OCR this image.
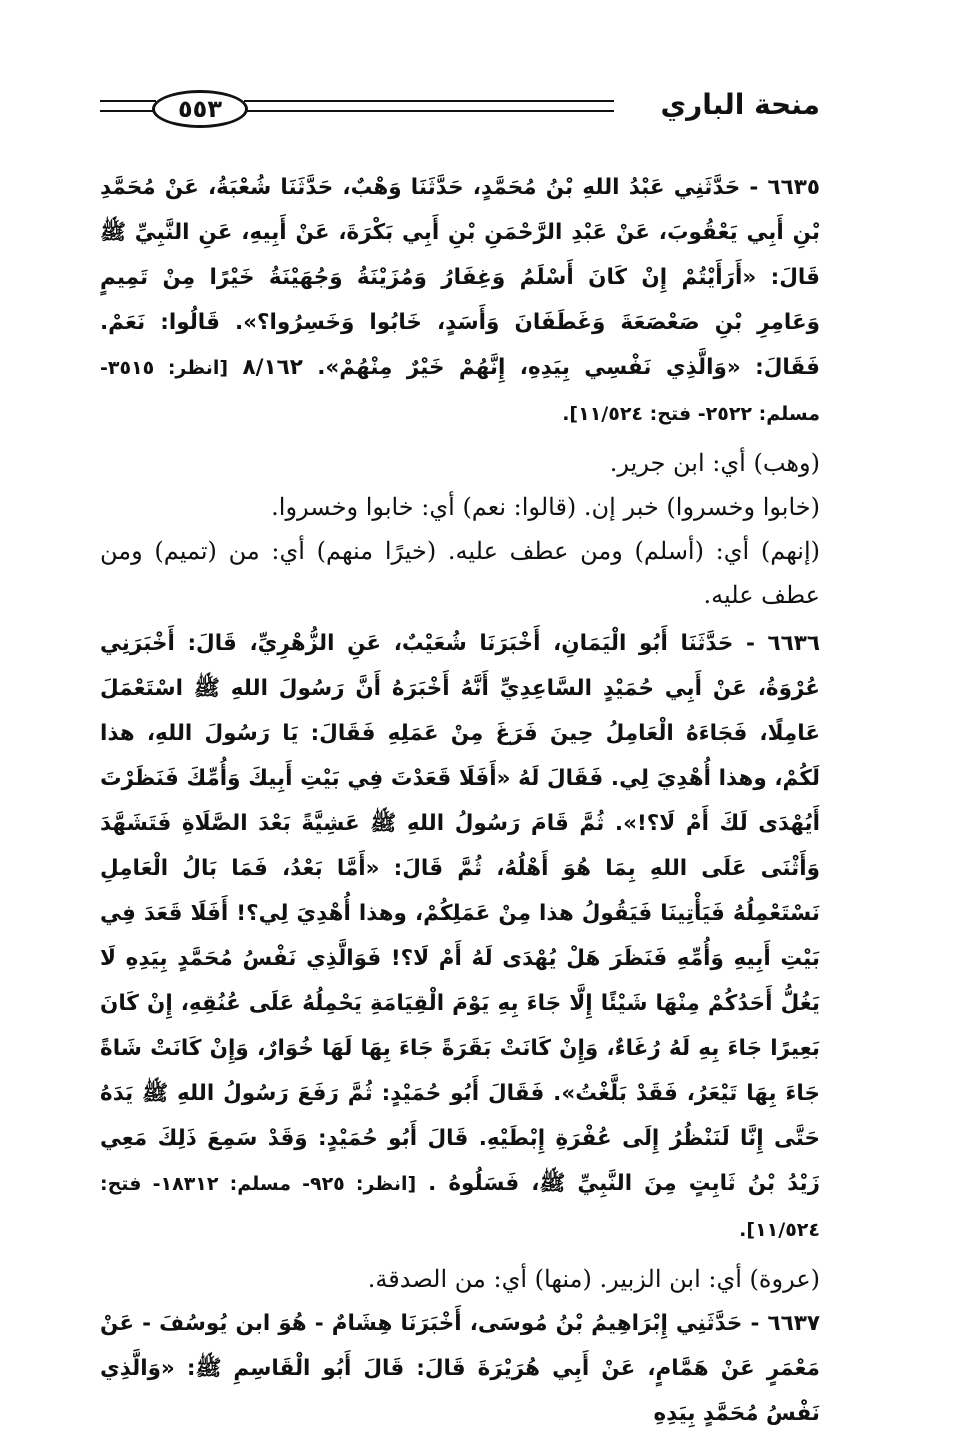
٥٥٣	منحة الباري

٦٦٣٥ - حَدَّثَنِي عَبْدُ اللهِ بْنُ مُحَمَّدٍ، حَدَّثَنَا وَهْبٌ، حَدَّثَنَا شُعْبَةُ، عَنْ مُحَمَّدِ بْنِ أَبِي يَعْقُوبَ، عَنْ عَبْدِ الرَّحْمَنِ بْنِ أَبِي بَكْرَةَ، عَنْ أَبِيهِ، عَنِ النَّبِيِّ ﷺ قَالَ: «أَرَأَيْتُمْ إِنْ كَانَ أَسْلَمُ وَغِفَارُ وَمُزَيْنَةُ وَجُهَيْنَةُ خَيْرًا مِنْ تَمِيمٍ وَعَامِرِ بْنِ صَعْصَعَةَ وَغَطَفَانَ وَأَسَدٍ، خَابُوا وَخَسِرُوا؟». قَالُوا: نَعَمْ. فَقَالَ: «وَالَّذِي نَفْسِي بِيَدِهِ، إِنَّهُمْ خَيْرٌ مِنْهُمْ». ٨/١٦٢ [انظر: ٣٥١٥- مسلم: ٢٥٢٢- فتح: ١١/٥٢٤].

(وهب) أي: ابن جرير.

(خابوا وخسروا) خبر إن. (قالوا: نعم) أي: خابوا وخسروا.

(إنهم) أي: (أسلم) ومن عطف عليه. (خيرًا منهم) أي: من (تميم) ومن عطف عليه.

٦٦٣٦ - حَدَّثَنَا أَبُو الْيَمَانِ، أَخْبَرَنَا شُعَيْبٌ، عَنِ الزُّهْرِيِّ، قَالَ: أَخْبَرَنِي عُرْوَةُ، عَنْ أَبِي حُمَيْدٍ السَّاعِدِيِّ أَنَّهُ أَخْبَرَهُ أَنَّ رَسُولَ اللهِ ﷺ اسْتَعْمَلَ عَامِلًا، فَجَاءَهُ الْعَامِلُ حِينَ فَرَغَ مِنْ عَمَلِهِ فَقَالَ: يَا رَسُولَ اللهِ، هذا لَكُمْ، وهذا أُهْدِيَ لِي. فَقَالَ لَهُ «أَفَلَا قَعَدْتَ فِي بَيْتِ أَبِيكَ وَأُمِّكَ فَنَظَرْتَ أَيُهْدَى لَكَ أَمْ لَا؟!». ثُمَّ قَامَ رَسُولُ اللهِ ﷺ عَشِيَّةً بَعْدَ الصَّلَاةِ فَتَشَهَّدَ وَأَثْنَى عَلَى اللهِ بِمَا هُوَ أَهْلُهُ، ثُمَّ قَالَ: «أَمَّا بَعْدُ، فَمَا بَالُ الْعَامِلِ نَسْتَعْمِلُهُ فَيَأْتِينَا فَيَقُولُ هذا مِنْ عَمَلِكُمْ، وهذا أُهْدِيَ لِي؟! أَفَلَا قَعَدَ فِي بَيْتِ أَبِيهِ وَأُمِّهِ فَنَظَرَ هَلْ يُهْدَى لَهُ أَمْ لَا؟! فَوَالَّذِي نَفْسُ مُحَمَّدٍ بِيَدِهِ لَا يَغُلُّ أَحَدُكُمْ مِنْهَا شَيْئًا إِلَّا جَاءَ بِهِ يَوْمَ الْقِيَامَةِ يَحْمِلُهُ عَلَى عُنُقِهِ، إِنْ كَانَ بَعِيرًا جَاءَ بِهِ لَهُ رُغَاءٌ، وَإِنْ كَانَتْ بَقَرَةً جَاءَ بِهَا لَهَا خُوَارٌ، وَإِنْ كَانَتْ شَاةً جَاءَ بِهَا تَيْعَرُ، فَقَدْ بَلَّغْتُ». فَقَالَ أَبُو حُمَيْدٍ: ثُمَّ رَفَعَ رَسُولُ اللهِ ﷺ يَدَهُ حَتَّى إِنَّا لَنَنْظُرُ إِلَى عُفْرَةِ إِبْطَيْهِ. قَالَ أَبُو حُمَيْدٍ: وَقَدْ سَمِعَ ذَلِكَ مَعِي زَيْدُ بْنُ ثَابِتٍ مِنَ النَّبِيِّ ﷺ، فَسَلُوهُ . [انظر: ٩٢٥- مسلم: ١٨٣١٢- فتح: ١١/٥٢٤].

(عروة) أي: ابن الزبير. (منها) أي: من الصدقة.

٦٦٣٧ - حَدَّثَنِي إِبْرَاهِيمُ بْنُ مُوسَى، أَخْبَرَنَا هِشَامٌ - هُوَ ابن يُوسُفَ - عَنْ مَعْمَرٍ عَنْ هَمَّامٍ، عَنْ أَبِي هُرَيْرَةَ قَالَ: قَالَ أَبُو الْقَاسِمِ ﷺ: «وَالَّذِي نَفْسُ مُحَمَّدٍ بِيَدِهِ
